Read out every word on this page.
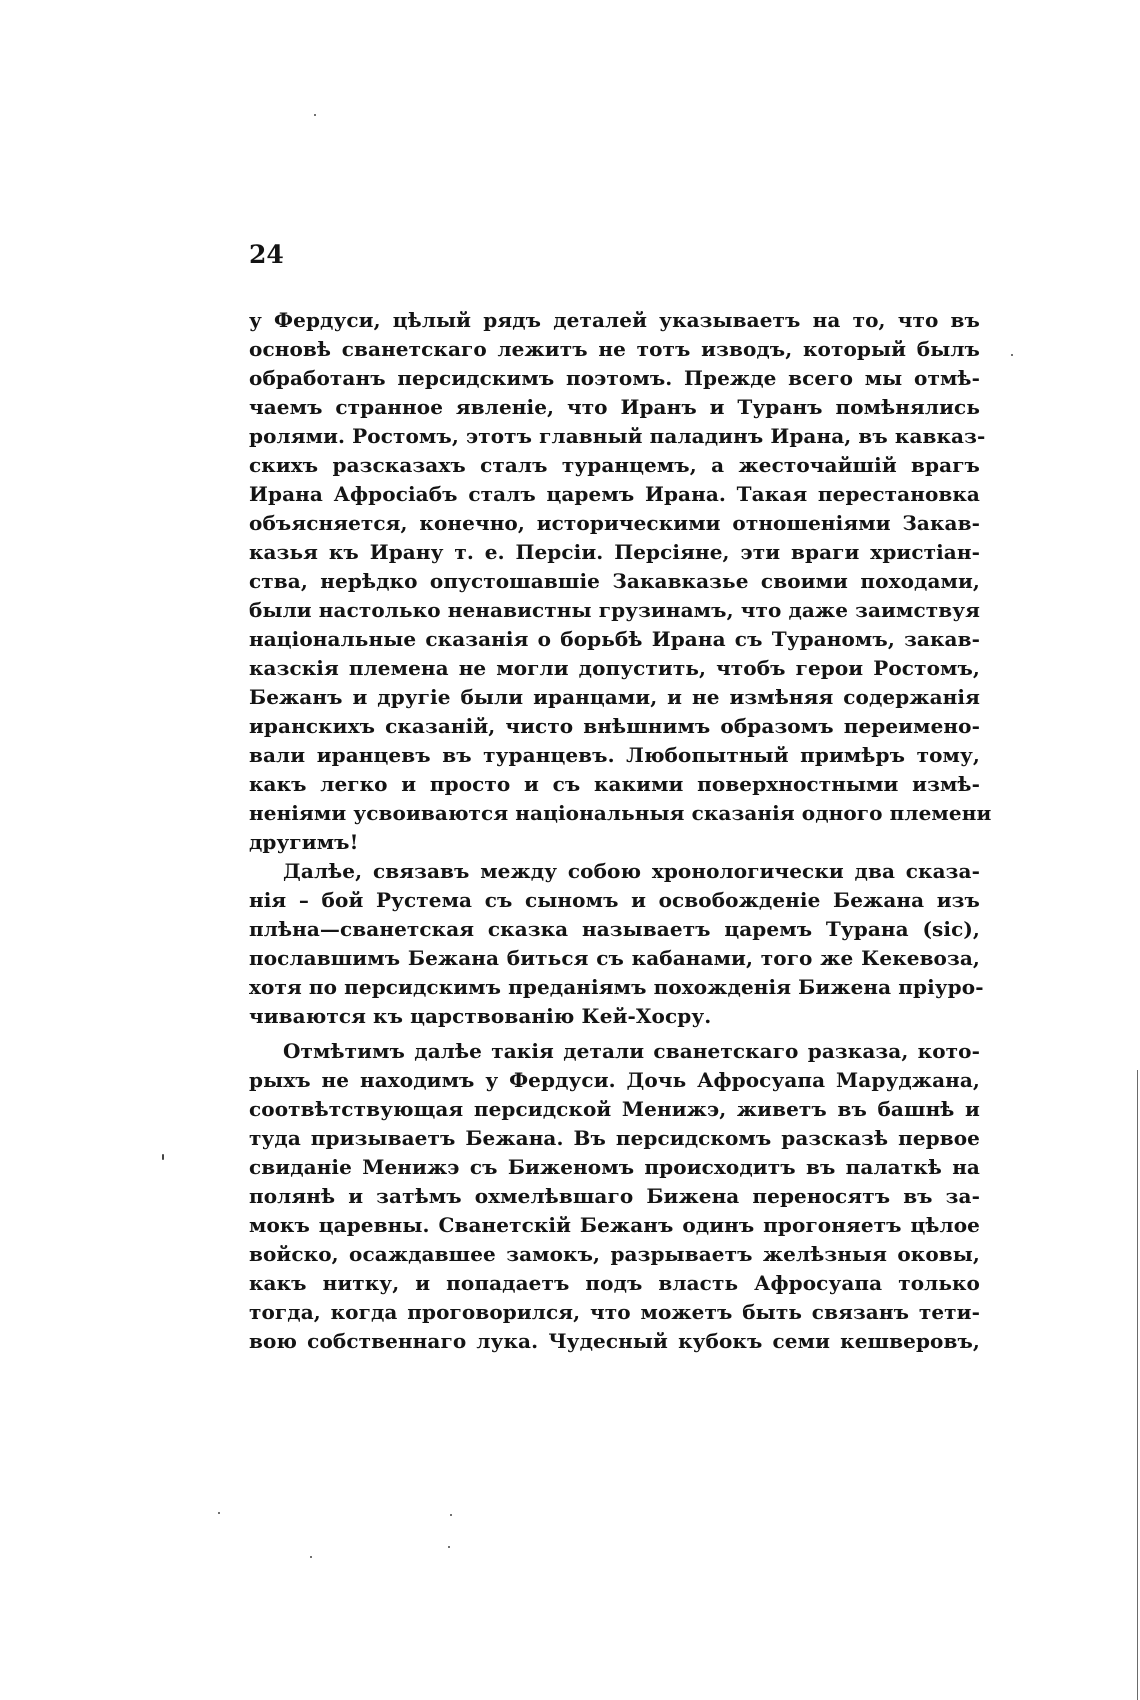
24
у Фердуси, цѣлый рядъ деталей указываетъ на то, что въ
основѣ сванетскаго лежитъ не тотъ изводъ, который былъ
обработанъ персидскимъ поэтомъ. Прежде всего мы отмѣ-
чаемъ странное явленіе, что Иранъ и Туранъ помѣнялись
ролями. Ростомъ, этотъ главный паладинъ Ирана, въ кавказ-
скихъ разсказахъ сталъ туранцемъ, а жесточайшій врагъ
Ирана Афросіабъ сталъ царемъ Ирана. Такая перестановка
объясняется, конечно, историческими отношеніями Закав-
казья къ Ирану т. е. Персіи. Персіяне, эти враги христіан-
ства, нерѣдко опустошавшіе Закавказье своими походами,
были настолько ненавистны грузинамъ, что даже заимствуя
національные сказанія о борьбѣ Ирана съ Тураномъ, закав-
казскія племена не могли допустить, чтобъ герои Ростомъ,
Бежанъ и другіе были иранцами, и не измѣняя содержанія
иранскихъ сказаній, чисто внѣшнимъ образомъ переимено-
вали иранцевъ въ туранцевъ. Любопытный примѣръ тому,
какъ легко и просто и съ какими поверхностными измѣ-
неніями усвоиваются національныя сказанія одного племени
другимъ!
Далѣе, связавъ между собою хронологически два сказа-
нія – бой Рустема съ сыномъ и освобожденіе Бежана изъ
плѣна—сванетская сказка называетъ царемъ Турана (sic),
пославшимъ Бежана биться съ кабанами, того же Кекевоза,
хотя по персидскимъ преданіямъ похожденія Бижена пріуро-
чиваются къ царствованію Кей-Хосру.
Отмѣтимъ далѣе такія детали сванетскаго разказа, кото-
рыхъ не находимъ у Фердуси. Дочь Афросуапа Маруджана,
соотвѣтствующая персидской Менижэ, живетъ въ башнѣ и
туда призываетъ Бежана. Въ персидскомъ разсказѣ первое
свиданіе Менижэ съ Биженомъ происходитъ въ палаткѣ на
полянѣ и затѣмъ охмелѣвшаго Бижена переносятъ въ за-
мокъ царевны. Сванетскій Бежанъ одинъ прогоняетъ цѣлое
войско, осаждавшее замокъ, разрываетъ желѣзныя оковы,
какъ нитку, и попадаетъ подъ власть Афросуапа только
тогда, когда проговорился, что можетъ быть связанъ тети-
вою собственнаго лука. Чудесный кубокъ семи кешверовъ,
